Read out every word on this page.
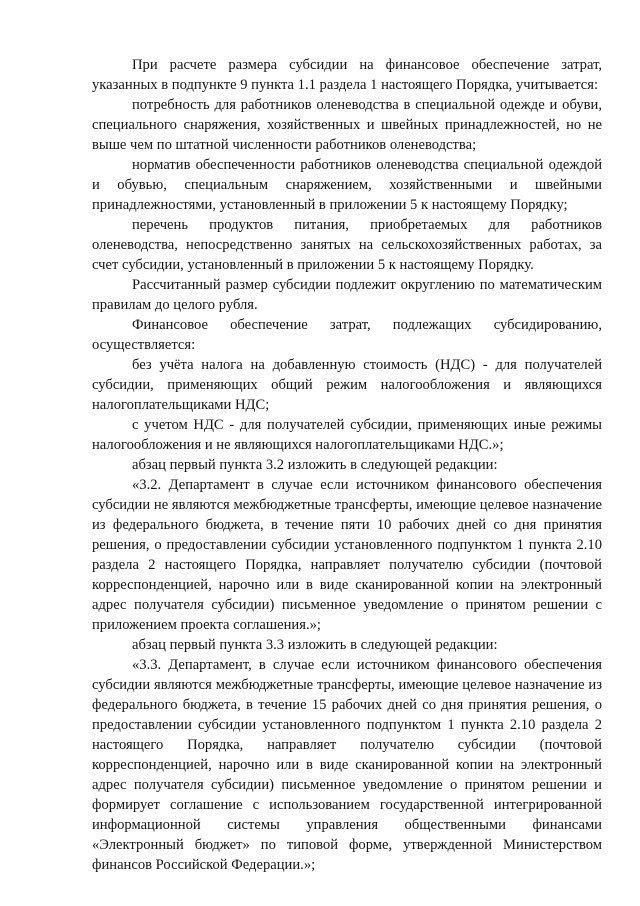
При расчете размера субсидии на финансовое обеспечение затрат, указанных в подпункте 9 пункта 1.1 раздела 1 настоящего Порядка, учитывается:

потребность для работников оленеводства в специальной одежде и обуви, специального снаряжения, хозяйственных и швейных принадлежностей, но не выше чем по штатной численности работников оленеводства;

норматив обеспеченности работников оленеводства специальной одеждой и обувью, специальным снаряжением, хозяйственными и швейными принадлежностями, установленный в приложении 5 к настоящему Порядку;

перечень продуктов питания, приобретаемых для работников оленеводства, непосредственно занятых на сельскохозяйственных работах, за счет субсидии, установленный в приложении 5 к настоящему Порядку.

Рассчитанный размер субсидии подлежит округлению по математическим правилам до целого рубля.

Финансовое обеспечение затрат, подлежащих субсидированию, осуществляется:

без учёта налога на добавленную стоимость (НДС) - для получателей субсидии, применяющих общий режим налогообложения и являющихся налогоплательщиками НДС;

с учетом НДС - для получателей субсидии, применяющих иные режимы налогообложения и не являющихся налогоплательщиками НДС.»;

абзац первый пункта 3.2 изложить в следующей редакции:

«3.2. Департамент в случае если источником финансового обеспечения субсидии не являются межбюджетные трансферты, имеющие целевое назначение из федерального бюджета, в течение пяти 10 рабочих дней со дня принятия решения, о предоставлении субсидии установленного подпунктом 1 пункта 2.10 раздела 2 настоящего Порядка, направляет получателю субсидии (почтовой корреспонденцией, нарочно или в виде сканированной копии на электронный адрес получателя субсидии) письменное уведомление о принятом решении с приложением проекта соглашения.»;

абзац первый пункта 3.3 изложить в следующей редакции:

«3.3. Департамент, в случае если источником финансового обеспечения субсидии являются межбюджетные трансферты, имеющие целевое назначение из федерального бюджета, в течение 15 рабочих дней со дня принятия решения, о предоставлении субсидии установленного подпунктом 1 пункта 2.10 раздела 2 настоящего Порядка, направляет получателю субсидии (почтовой корреспонденцией, нарочно или в виде сканированной копии на электронный адрес получателя субсидии) письменное уведомление о принятом решении и формирует соглашение с использованием государственной интегрированной информационной системы управления общественными финансами «Электронный бюджет» по типовой форме, утвержденной Министерством финансов Российской Федерации.»;
